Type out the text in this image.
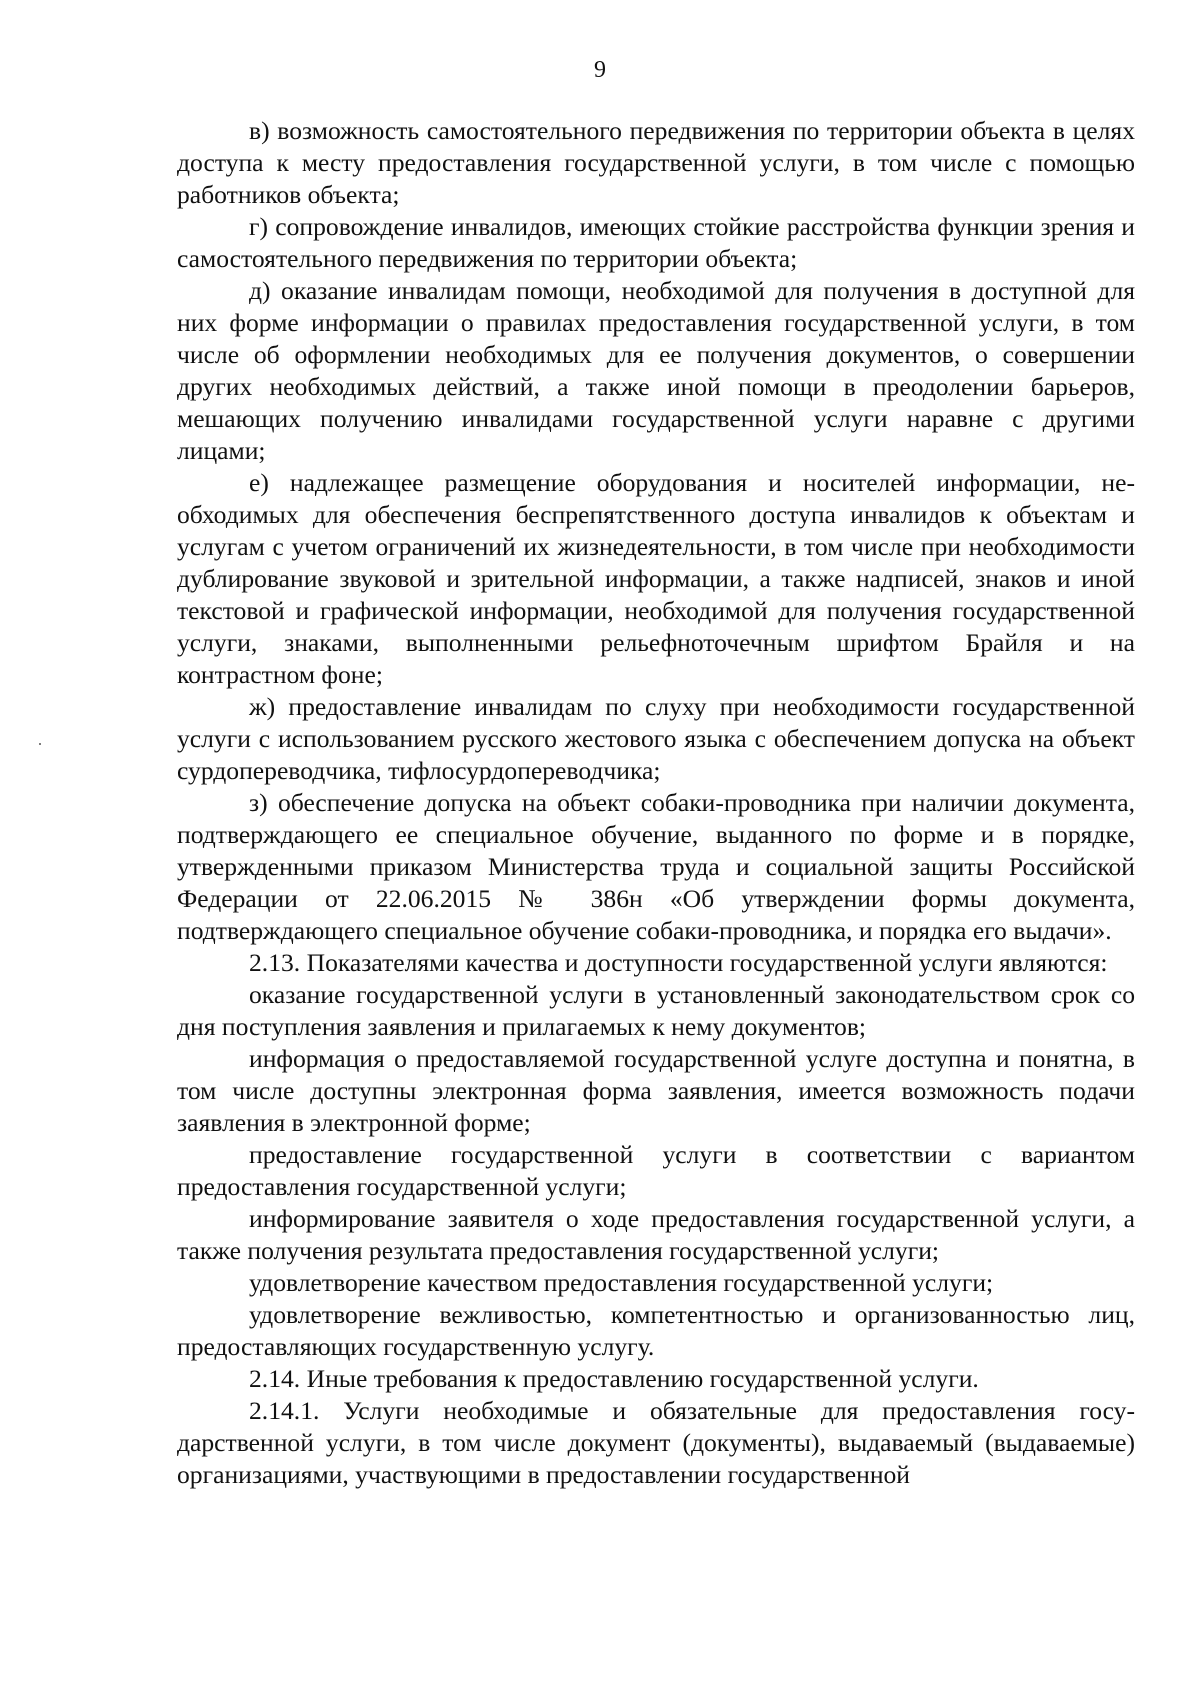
9

в) возможность самостоятельного передвижения по территории объекта в целях доступа к месту предоставления государственной услуги, в том числе с помощью работников объекта;

г) сопровождение инвалидов, имеющих стойкие расстройства функции зрения и самостоятельного передвижения по территории объекта;

д) оказание инвалидам помощи, необходимой для получения в доступной для них форме информации о правилах предоставления государственной услуги, в том числе об оформлении необходимых для ее получения документов, о совершении других необходимых действий, а также иной помощи в преодолении барьеров, мешающих получению инвалидами государственной услуги наравне с другими лицами;

е) надлежащее размещение оборудования и носителей информации, необходимых для обеспечения беспрепятственного доступа инвалидов к объектам и услугам с учетом ограничений их жизнедеятельности, в том числе при необходимости дублирование звуковой и зрительной информации, а также надписей, знаков и иной текстовой и графической информации, необходимой для получения государственной услуги, знаками, выполненными рельефноточечным шрифтом Брайля и на контрастном фоне;

ж) предоставление инвалидам по слуху при необходимости государственной услуги с использованием русского жестового языка с обеспечением допуска на объект сурдопереводчика, тифлосурдопереводчика;

з) обеспечение допуска на объект собаки-проводника при наличии документа, подтверждающего ее специальное обучение, выданного по форме и в порядке, утвержденными приказом Министерства труда и социальной защиты Российской Федерации от 22.06.2015 № 386н «Об утверждении формы документа, подтверждающего специальное обучение собаки-проводника, и порядка его выдачи».

2.13. Показателями качества и доступности государственной услуги являются:

оказание государственной услуги в установленный законодательством срок со дня поступления заявления и прилагаемых к нему документов;

информация о предоставляемой государственной услуге доступна и понятна, в том числе доступны электронная форма заявления, имеется возможность подачи заявления в электронной форме;

предоставление государственной услуги в соответствии с вариантом предоставления государственной услуги;

информирование заявителя о ходе предоставления государственной услуги, а также получения результата предоставления государственной услуги;

удовлетворение качеством предоставления государственной услуги;

удовлетворение вежливостью, компетентностью и организованностью лиц, предоставляющих государственную услугу.

2.14. Иные требования к предоставлению государственной услуги.

2.14.1. Услуги необходимые и обязательные для предоставления государственной услуги, в том числе документ (документы), выдаваемый (выдаваемые) организациями, участвующими в предоставлении государственной
